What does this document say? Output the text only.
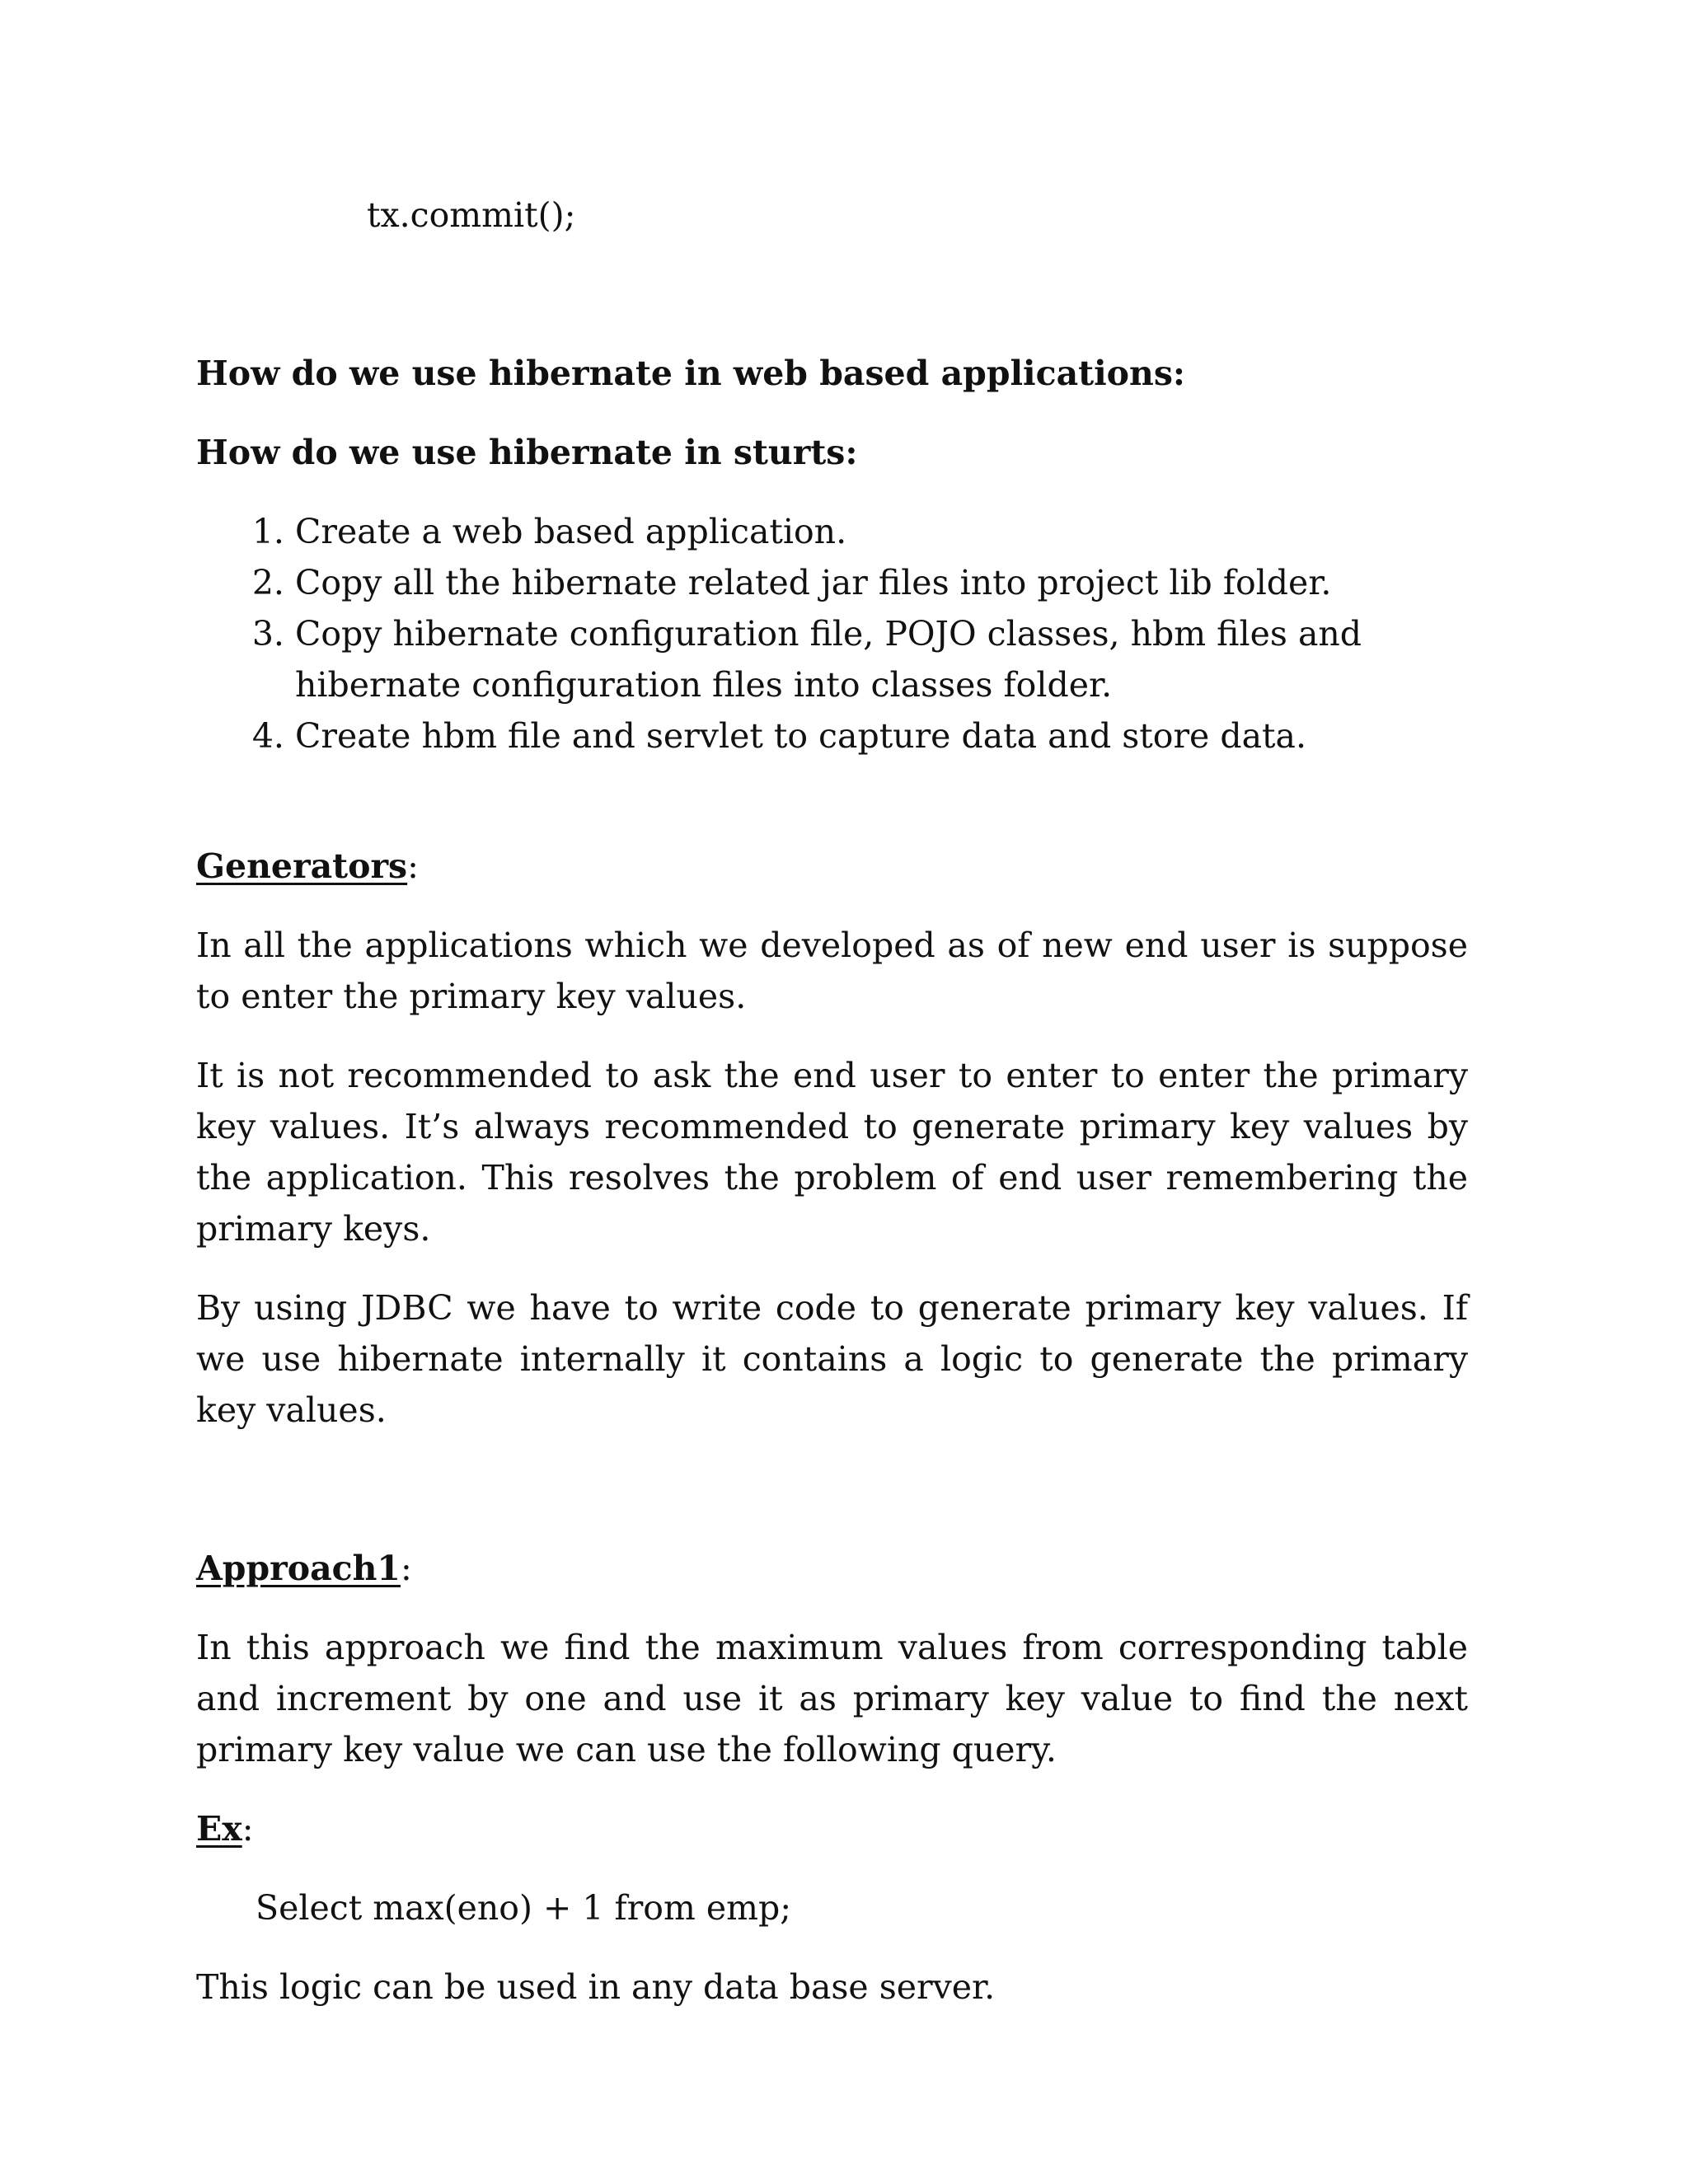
tx.commit();

How do we use hibernate in web based applications:

How do we use hibernate in sturts:

1. Create a web based application.
2. Copy all the hibernate related jar files into project lib folder.
3. Copy hibernate configuration file, POJO classes, hbm files and hibernate configuration files into classes folder.
4. Create hbm file and servlet to capture data and store data.

Generators:

In all the applications which we developed as of new end user is suppose to enter the primary key values.

It is not recommended to ask the end user to enter to enter the primary key values. It’s always recommended to generate primary key values by the application. This resolves the problem of end user remembering the primary keys.

By using JDBC we have to write code to generate primary key values. If we use hibernate internally it contains a logic to generate the primary key values.

Approach1:

In this approach we find the maximum values from corresponding table and increment by one and use it as primary key value to find the next primary key value we can use the following query.

Ex:

Select max(eno) + 1 from emp;

This logic can be used in any data base server.
